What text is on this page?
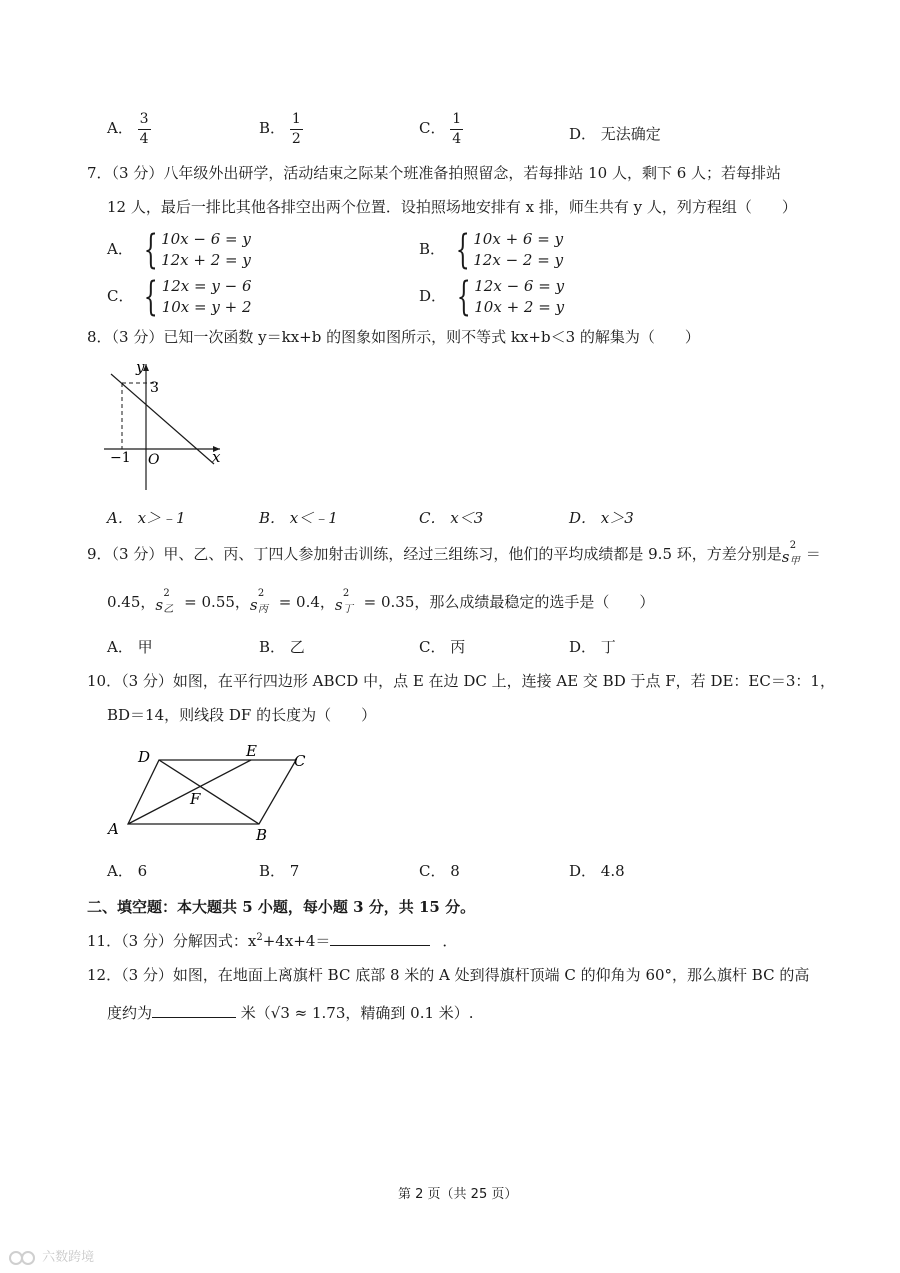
A． $\frac{3}{4}$	B． $\frac{1}{2}$	C． $\frac{1}{4}$	D． 无法确定
7．（3 分）八年级外出研学，活动结束之际某个班准备拍照留念，若每排站 10 人，剩下 6 人；若每排站
12 人，最后一排比其他各排空出两个位置．设拍照场地安排有 x 排，师生共有 y 人，列方程组（　　）
A． { 10x − 6 = y
12x + 2 = y
B． { 10x + 6 = y
12x − 2 = y
C． { 12x = y − 6
10x = y + 2
D． { 12x − 6 = y
10x + 2 = y
8．（3 分）已知一次函数 y＝kx+b 的图象如图所示，则不等式 kx+b＜3 的解集为（　　）
y
x
O
3
−1
A． x＞﹣1	B． x＜﹣1	C． x＜3	D． x＞3
9．（3 分）甲、乙、丙、丁四人参加射击训练，经过三组练习，他们的平均成绩都是 9.5 环，方差分别是 s
2
甲 ＝
0.45， s
2
乙 = 0.55， s
2
丙 = 0.4， s
2
丁 = 0.35，那么成绩最稳定的选手是（　　）
A． 甲	B． 乙	C． 丙	D． 丁
10．（3 分）如图，在平行四边形 ABCD 中，点 E 在边 DC 上，连接 AE 交 BD 于点 F，若 DE：EC＝3：1，
BD＝14，则线段 DF 的长度为（　　）
A	B
C
D	E
F
A． 6	B． 7	C． 8	D． 4.8
二、填空题：本大题共 5 小题，每小题 3 分，共 15 分。
11．（3 分）分解因式：$x^2+4x+4=$	．
12．（3 分）如图，在地面上离旗杆 BC 底部 8 米的 A 处到得旗杆顶端 C 的仰角为 60°，那么旗杆 BC 的高
度约为	米（√3 ≈ 1.73，精确到 0.1 米）.
第 2 页（共 25 页）
六数跨境
